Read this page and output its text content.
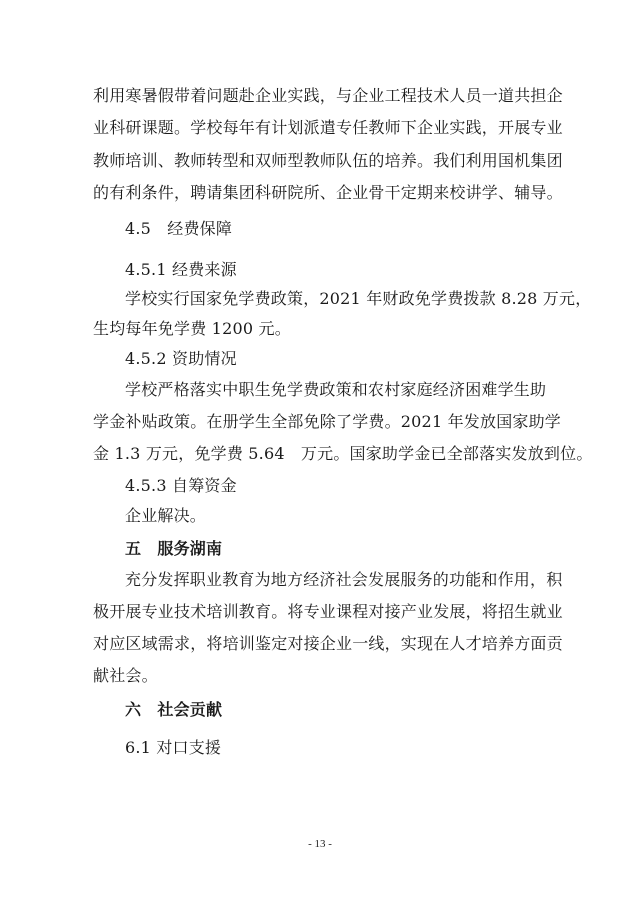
利用寒暑假带着问题赴企业实践，与企业工程技术人员一道共担企
业科研课题。学校每年有计划派遣专任教师下企业实践，开展专业
教师培训、教师转型和双师型教师队伍的培养。我们利用国机集团
的有利条件，聘请集团科研院所、企业骨干定期来校讲学、辅导。
4.5　经费保障
4.5.1 经费来源
学校实行国家免学费政策，2021 年财政免学费拨款 8.28 万元，
生均每年免学费 1200 元。
4.5.2 资助情况
学校严格落实中职生免学费政策和农村家庭经济困难学生助
学金补贴政策。在册学生全部免除了学费。2021 年发放国家助学
金 1.3 万元，免学费 5.64　万元。国家助学金已全部落实发放到位。
4.5.3 自筹资金
企业解决。
五　服务湖南
充分发挥职业教育为地方经济社会发展服务的功能和作用，积
极开展专业技术培训教育。将专业课程对接产业发展，将招生就业
对应区域需求，将培训鉴定对接企业一线，实现在人才培养方面贡
献社会。
六　社会贡献
6.1 对口支援
- 13 -
